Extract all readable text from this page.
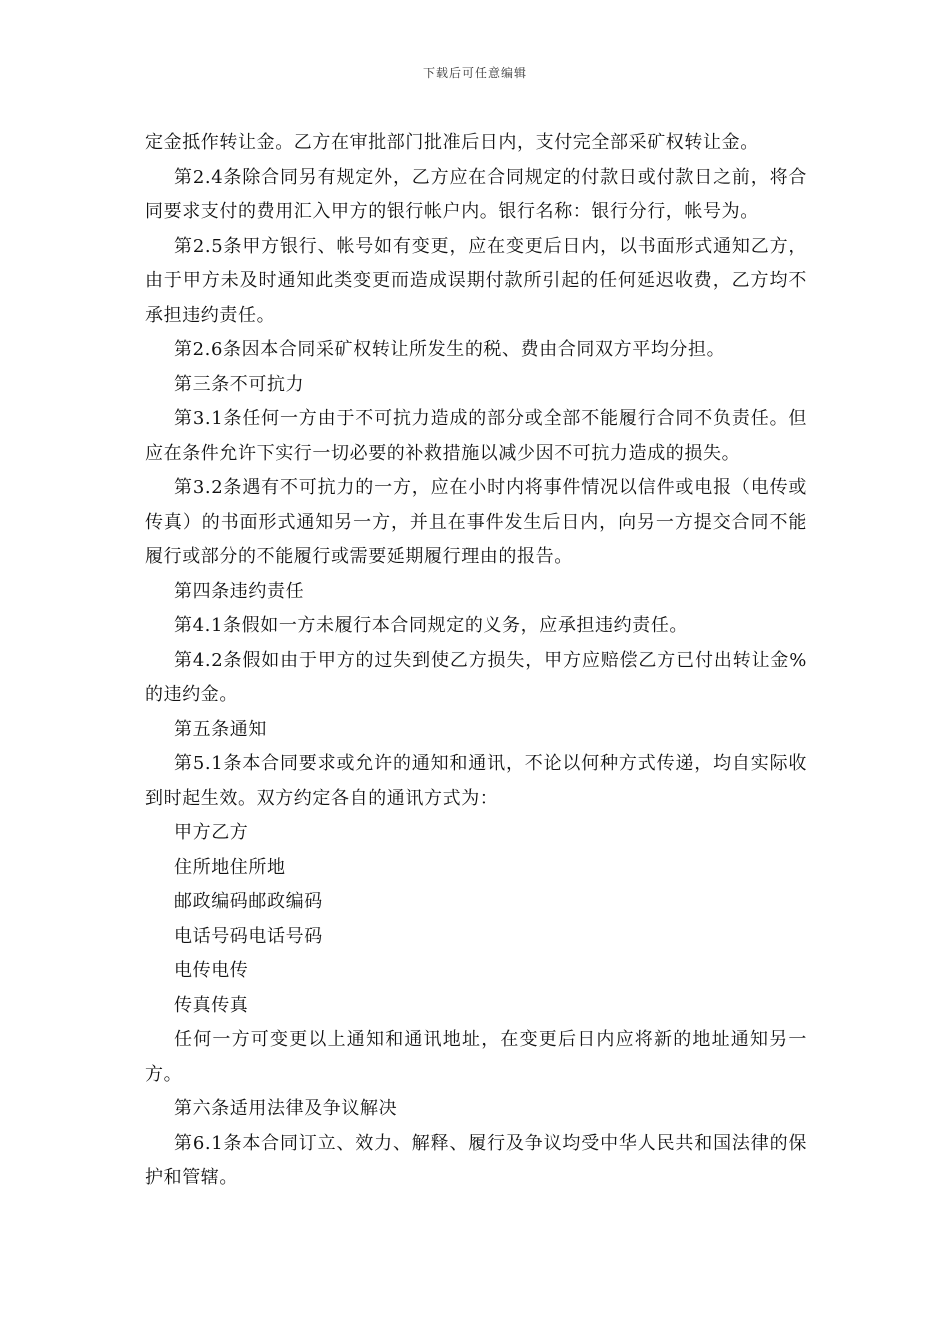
下载后可任意编辑

定金抵作转让金。乙方在审批部门批准后日内，支付完全部采矿权转让金。

第2.4条除合同另有规定外，乙方应在合同规定的付款日或付款日之前，将合同要求支付的费用汇入甲方的银行帐户内。银行名称：银行分行，帐号为。

第2.5条甲方银行、帐号如有变更，应在变更后日内，以书面形式通知乙方，由于甲方未及时通知此类变更而造成误期付款所引起的任何延迟收费，乙方均不承担违约责任。

第2.6条因本合同采矿权转让所发生的税、费由合同双方平均分担。

第三条不可抗力

第3.1条任何一方由于不可抗力造成的部分或全部不能履行合同不负责任。但应在条件允许下实行一切必要的补救措施以减少因不可抗力造成的损失。

第3.2条遇有不可抗力的一方，应在小时内将事件情况以信件或电报（电传或传真）的书面形式通知另一方，并且在事件发生后日内，向另一方提交合同不能履行或部分的不能履行或需要延期履行理由的报告。

第四条违约责任

第4.1条假如一方未履行本合同规定的义务，应承担违约责任。

第4.2条假如由于甲方的过失到使乙方损失，甲方应赔偿乙方已付出转让金%的违约金。

第五条通知

第5.1条本合同要求或允许的通知和通讯，不论以何种方式传递，均自实际收到时起生效。双方约定各自的通讯方式为：

甲方乙方

住所地住所地

邮政编码邮政编码

电话号码电话号码

电传电传

传真传真

任何一方可变更以上通知和通讯地址，在变更后日内应将新的地址通知另一方。

第六条适用法律及争议解决

第6.1条本合同订立、效力、解释、履行及争议均受中华人民共和国法律的保护和管辖。
